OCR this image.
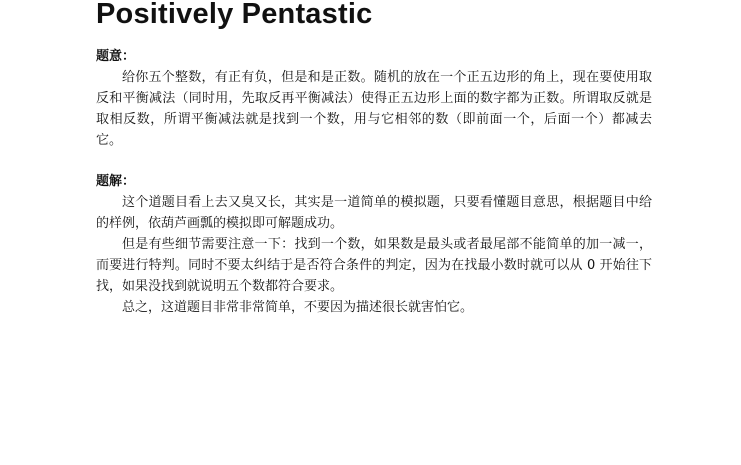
Positively Pentastic
题意：

给你五个整数，有正有负，但是和是正数。随机的放在一个正五边形的角上，现在要使用取反和平衡减法（同时用，先取反再平衡减法）使得正五边形上面的数字都为正数。所谓取反就是取相反数，所谓平衡减法就是找到一个数，用与它相邻的数（即前面一个，后面一个）都减去它。

题解：

这个道题目看上去又臭又长，其实是一道简单的模拟题，只要看懂题目意思，根据题目中给的样例，依葫芦画瓢的模拟即可解题成功。

但是有些细节需要注意一下：找到一个数，如果数是最头或者最尾部不能简单的加一减一，而要进行特判。同时不要太纠结于是否符合条件的判定，因为在找最小数时就可以从 0 开始往下找，如果没找到就说明五个数都符合要求。

总之，这道题目非常非常简单，不要因为描述很长就害怕它。
